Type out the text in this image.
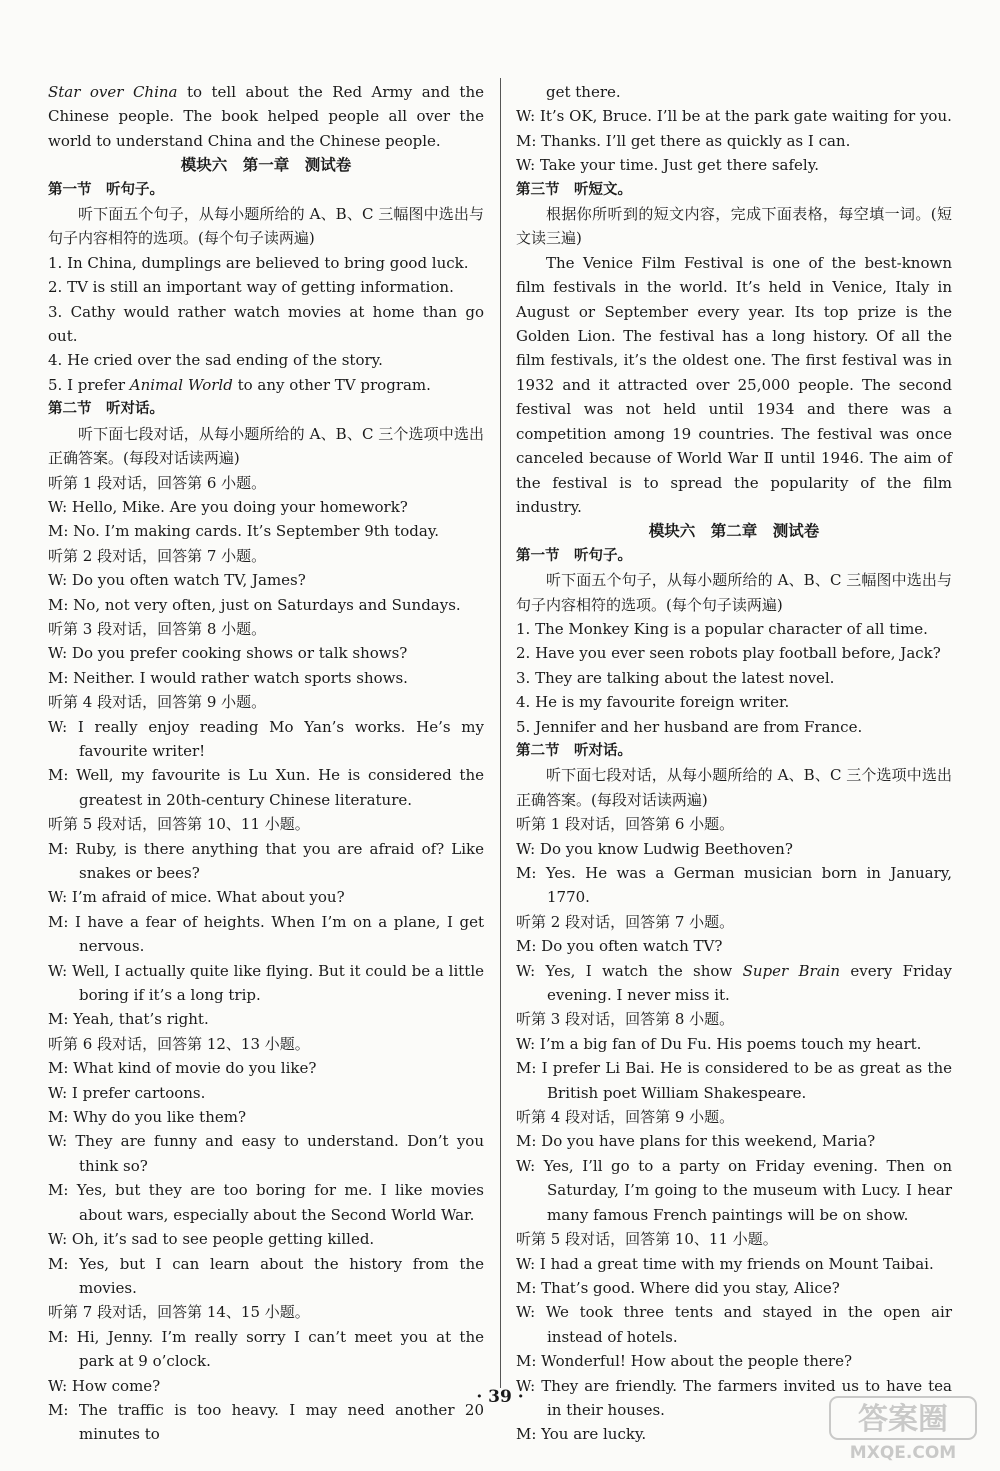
Star over China to tell about the Red Army and the Chinese people. The book helped people all over the world to understand China and the Chinese people.

模块六　第一章　测试卷

第一节　听句子。

听下面五个句子，从每小题所给的 A、B、C 三幅图中选出与句子内容相符的选项。(每个句子读两遍)

1. In China, dumplings are believed to bring good luck.

2. TV is still an important way of getting information.

3. Cathy would rather watch movies at home than go out.

4. He cried over the sad ending of the story.

5. I prefer Animal World to any other TV program.

第二节　听对话。

听下面七段对话，从每小题所给的 A、B、C 三个选项中选出正确答案。(每段对话读两遍)

听第 1 段对话，回答第 6 小题。

W: Hello, Mike. Are you doing your homework?

M: No. I’m making cards. It’s September 9th today.

听第 2 段对话，回答第 7 小题。

W: Do you often watch TV, James?

M: No, not very often, just on Saturdays and Sundays.

听第 3 段对话，回答第 8 小题。

W: Do you prefer cooking shows or talk shows?

M: Neither. I would rather watch sports shows.

听第 4 段对话，回答第 9 小题。

W: I really enjoy reading Mo Yan’s works. He’s my favourite writer!

M: Well, my favourite is Lu Xun. He is considered the greatest in 20th-century Chinese literature.

听第 5 段对话，回答第 10、11 小题。

M: Ruby, is there anything that you are afraid of? Like snakes or bees?

W: I’m afraid of mice. What about you?

M: I have a fear of heights. When I’m on a plane, I get nervous.

W: Well, I actually quite like flying. But it could be a little boring if it’s a long trip.

M: Yeah, that’s right.

听第 6 段对话，回答第 12、13 小题。

M: What kind of movie do you like?

W: I prefer cartoons.

M: Why do you like them?

W: They are funny and easy to understand. Don’t you think so?

M: Yes, but they are too boring for me. I like movies about wars, especially about the Second World War.

W: Oh, it’s sad to see people getting killed.

M: Yes, but I can learn about the history from the movies.

听第 7 段对话，回答第 14、15 小题。

M: Hi, Jenny. I’m really sorry I can’t meet you at the park at 9 o’clock.

W: How come?

M: The traffic is too heavy. I may need another 20 minutes to

get there.

W: It’s OK, Bruce. I’ll be at the park gate waiting for you.

M: Thanks. I’ll get there as quickly as I can.

W: Take your time. Just get there safely.

第三节　听短文。

根据你所听到的短文内容，完成下面表格，每空填一词。(短文读三遍)

The Venice Film Festival is one of the best-known film festivals in the world. It’s held in Venice, Italy in August or September every year. Its top prize is the Golden Lion. The festival has a long history. Of all the film festivals, it’s the oldest one. The first festival was in 1932 and it attracted over 25,000 people. The second festival was not held until 1934 and there was a competition among 19 countries. The festival was once canceled because of World War Ⅱ until 1946. The aim of the festival is to spread the popularity of the film industry.

模块六　第二章　测试卷

第一节　听句子。

听下面五个句子，从每小题所给的 A、B、C 三幅图中选出与句子内容相符的选项。(每个句子读两遍)

1. The Monkey King is a popular character of all time.

2. Have you ever seen robots play football before, Jack?

3. They are talking about the latest novel.

4. He is my favourite foreign writer.

5. Jennifer and her husband are from France.

第二节　听对话。

听下面七段对话，从每小题所给的 A、B、C 三个选项中选出正确答案。(每段对话读两遍)

听第 1 段对话，回答第 6 小题。

W: Do you know Ludwig Beethoven?

M: Yes. He was a German musician born in January, 1770.

听第 2 段对话，回答第 7 小题。

M: Do you often watch TV?

W: Yes, I watch the show Super Brain every Friday evening. I never miss it.

听第 3 段对话，回答第 8 小题。

W: I’m a big fan of Du Fu. His poems touch my heart.

M: I prefer Li Bai. He is considered to be as great as the British poet William Shakespeare.

听第 4 段对话，回答第 9 小题。

M: Do you have plans for this weekend, Maria?

W: Yes, I’ll go to a party on Friday evening. Then on Saturday, I’m going to the museum with Lucy. I hear many famous French paintings will be on show.

听第 5 段对话，回答第 10、11 小题。

W: I had a great time with my friends on Mount Taibai.

M: That’s good. Where did you stay, Alice?

W: We took three tents and stayed in the open air instead of hotels.

M: Wonderful! How about the people there?

W: They are friendly. The farmers invited us to have tea in their houses.

M: You are lucky.

· 39 ·
答案圈
MXQE.COM
